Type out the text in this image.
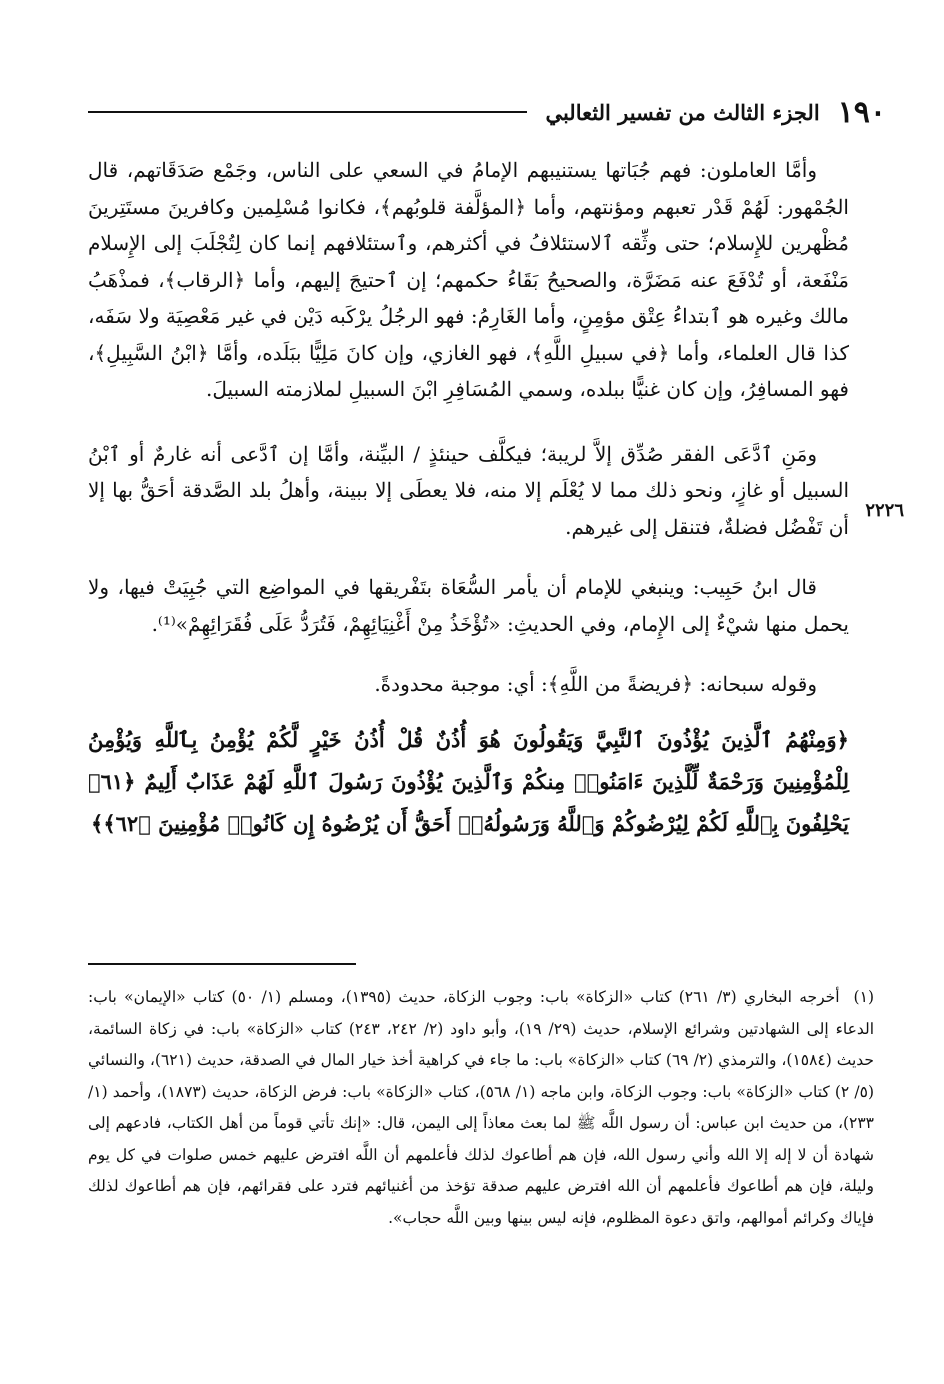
١٩٠
الجزء الثالث من تفسير الثعالبي

وأمَّا العاملون: فهم جُبَاتها يستنيبهم الإمامُ في السعي على الناس، وجَمْع صَدَقَاتهم، قال الجُمْهور: لَهُمْ قَدْر تعبهم ومؤنتهم، وأما ﴿المؤلَّفة قلوبُهم﴾، فكانوا مُسْلِمين وكافرينَ مستَتِرينَ مُظْهرين للإِسلام؛ حتى وثِّقه ٱلاستئلافُ في أكثرهم، وٱستئلافهم إنما كان لِتُجْلَبَ إلى الإِسلام مَنْفَعة، أو تُدْفَعَ عنه مَضَرَّة، والصحيحُ بَقَاءُ حكمهم؛ إن ٱحتيجَ إليهم، وأما ﴿الرقاب﴾، فمذْهَبُ مالك وغيره هو ٱبتداءُ عِتْق مؤمِنٍ، وأما الغَارِمُ: فهو الرجُلُ يرْكَبه دَيْن في غير مَعْصِيَة ولا سَفَه، كذا قال العلماء، وأما ﴿في سبيلِ اللَّهِ﴾، فهو الغازي، وإن كانَ مَلِيًّا ببَلَده، وأمَّا ﴿ابْنُ السَّبِيلِ﴾، فهو المسافِرُ، وإن كان غنيًّا ببلده، وسمي المُسَافِرِ ابْنَ السبيلِ لملازمته السبيلَ.

ومَنِ ٱدَّعَى الفقر صُدِّق إلاَّ لريبة؛ فيكلَّف حينئذٍ / البيِّنة، وأمَّا إن ٱدَّعى أنه غارمٌ أو ٱبْنُ السبيل أو غازٍ، ونحو ذلك مما لا يُعْلَم إلا منه، فلا يعطَى إلا ببينة، وأهلُ بلد الصَّدقة أحَقُّ بها إلا أن تَفْضُل فضلةٌ، فتنقل إلى غيرهم.

قال ابنُ حَبِيب: وينبغي للإمام أن يأمر السُّعَاة بتَفْريقها في المواضِع التي جُبِيَتْ فيها، ولا يحمل منها شيْءٌ إلى الإِمام، وفي الحديثِ: «تُؤْخَذُ مِنْ أَغْنِيَائِهِمْ، فَتُرَدُّ عَلَى فُقَرَائِهِمْ»⁽¹⁾.

وقوله سبحانه: ﴿فريضةً من اللَّهِ﴾: أي: موجبة محدودةً.

﴿وَمِنْهُمُ ٱلَّذِينَ يُؤْذُونَ ٱلنَّبِيَّ وَيَقُولُونَ هُوَ أُذُنٌ قُلْ أُذُنُ خَيْرٍ لَّكُمْ يُؤْمِنُ بِٱللَّهِ وَيُؤْمِنُ لِلْمُؤْمِنِينَ وَرَحْمَةٌ لِّلَّذِينَ ءَامَنُوا۟ مِنكُمْ وَٱلَّذِينَ يُؤْذُونَ رَسُولَ ٱللَّهِ لَهُمْ عَذَابٌ أَلِيمٌ ﴿٦١﴾ يَحْلِفُونَ بِٱللَّهِ لَكُمْ لِيُرْضُوكُمْ وَٱللَّهُ وَرَسُولُهُۥٓ أَحَقُّ أَن يُرْضُوهُ إِن كَانُوا۟ مُؤْمِنِينَ ﴿٦٢﴾﴾

٢٢٢٦
(١)أخرجه البخاري (٣/ ٢٦١) كتاب «الزكاة» باب: وجوب الزكاة، حديث (١٣٩٥)، ومسلم (١/ ٥٠) كتاب «الإيمان» باب: الدعاء إلى الشهادتين وشرائع الإسلام، حديث (٢٩/ ١٩)، وأبو داود (٢/ ٢٤٢، ٢٤٣) كتاب «الزكاة» باب: في زكاة السائمة، حديث (١٥٨٤)، والترمذي (٢/ ٦٩) كتاب «الزكاة» باب: ما جاء في كراهية أخذ خيار المال في الصدقة، حديث (٦٢١)، والنسائي (٥/ ٢) كتاب «الزكاة» باب: وجوب الزكاة، وابن ماجه (١/ ٥٦٨)، كتاب «الزكاة» باب: فرض الزكاة، حديث (١٨٧٣)، وأحمد (١/ ٢٣٣)، من حديث ابن عباس: أن رسول اللَّه ﷺ لما بعث معاذاً إلى اليمن، قال: «إنك تأتي قوماً من أهل الكتاب، فادعهم إلى شهادة أن لا إله إلا الله وأني رسول الله، فإن هم أطاعوك لذلك فأعلمهم أن اللَّه افترض عليهم خمس صلوات في كل يوم وليلة، فإن هم أطاعوك فأعلمهم أن الله افترض عليهم صدقة تؤخذ من أغنيائهم فترد على فقرائهم، فإن هم أطاعوك لذلك فإياك وكرائم أموالهم، واتق دعوة المظلوم، فإنه ليس بينها وبين اللَّه حجاب».
